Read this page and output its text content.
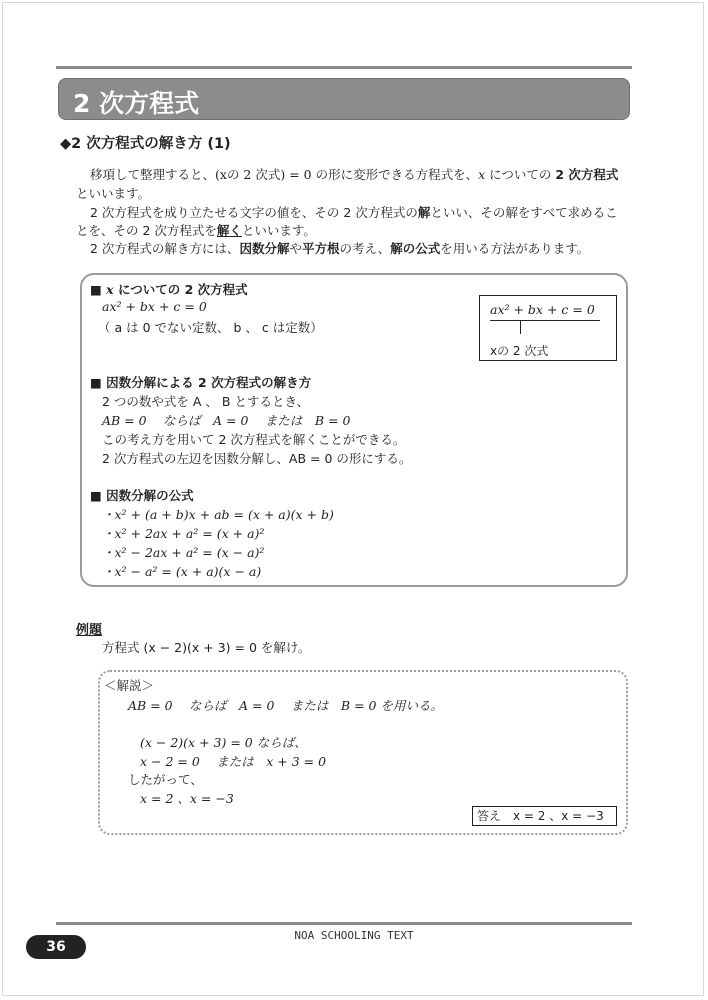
2 次方程式
◆2 次方程式の解き方 (1)
移項して整理すると、(xの 2 次式) = 0 の形に変形できる方程式を、x についての 2 次方程式
といいます。
2 次方程式を成り立たせる文字の値を、その 2 次方程式の解といい、その解をすべて求めるこ
とを、その 2 次方程式を解くといいます。
2 次方程式の解き方には、因数分解や平方根の考え、解の公式を用いる方法があります。
■ x についての 2 次方程式
ax² + bx + c = 0
（ a は 0 でない定数、 b 、 c は定数）
ax² + bx + c = 0
xの 2 次式
■ 因数分解による 2 次方程式の解き方
2 つの数や式を A 、 B とするとき、
AB = 0　 ならば　A = 0　 または　B = 0
この考え方を用いて 2 次方程式を解くことができる。
2 次方程式の左辺を因数分解し、AB = 0 の形にする。
■ 因数分解の公式
・x² + (a + b)x + ab = (x + a)(x + b)
・x² + 2ax + a² = (x + a)²
・x² − 2ax + a² = (x − a)²
・x² − a² = (x + a)(x − a)
例題
方程式 (x − 2)(x + 3) = 0 を解け。
＜解説＞
AB = 0　 ならば　A = 0　 または　B = 0 を用いる。
(x − 2)(x + 3) = 0 ならば、
x − 2 = 0　 または　x + 3 = 0
したがって、
x = 2 、x = −3
答え　x = 2 、x = −3
NOA SCHOOLING TEXT
36
